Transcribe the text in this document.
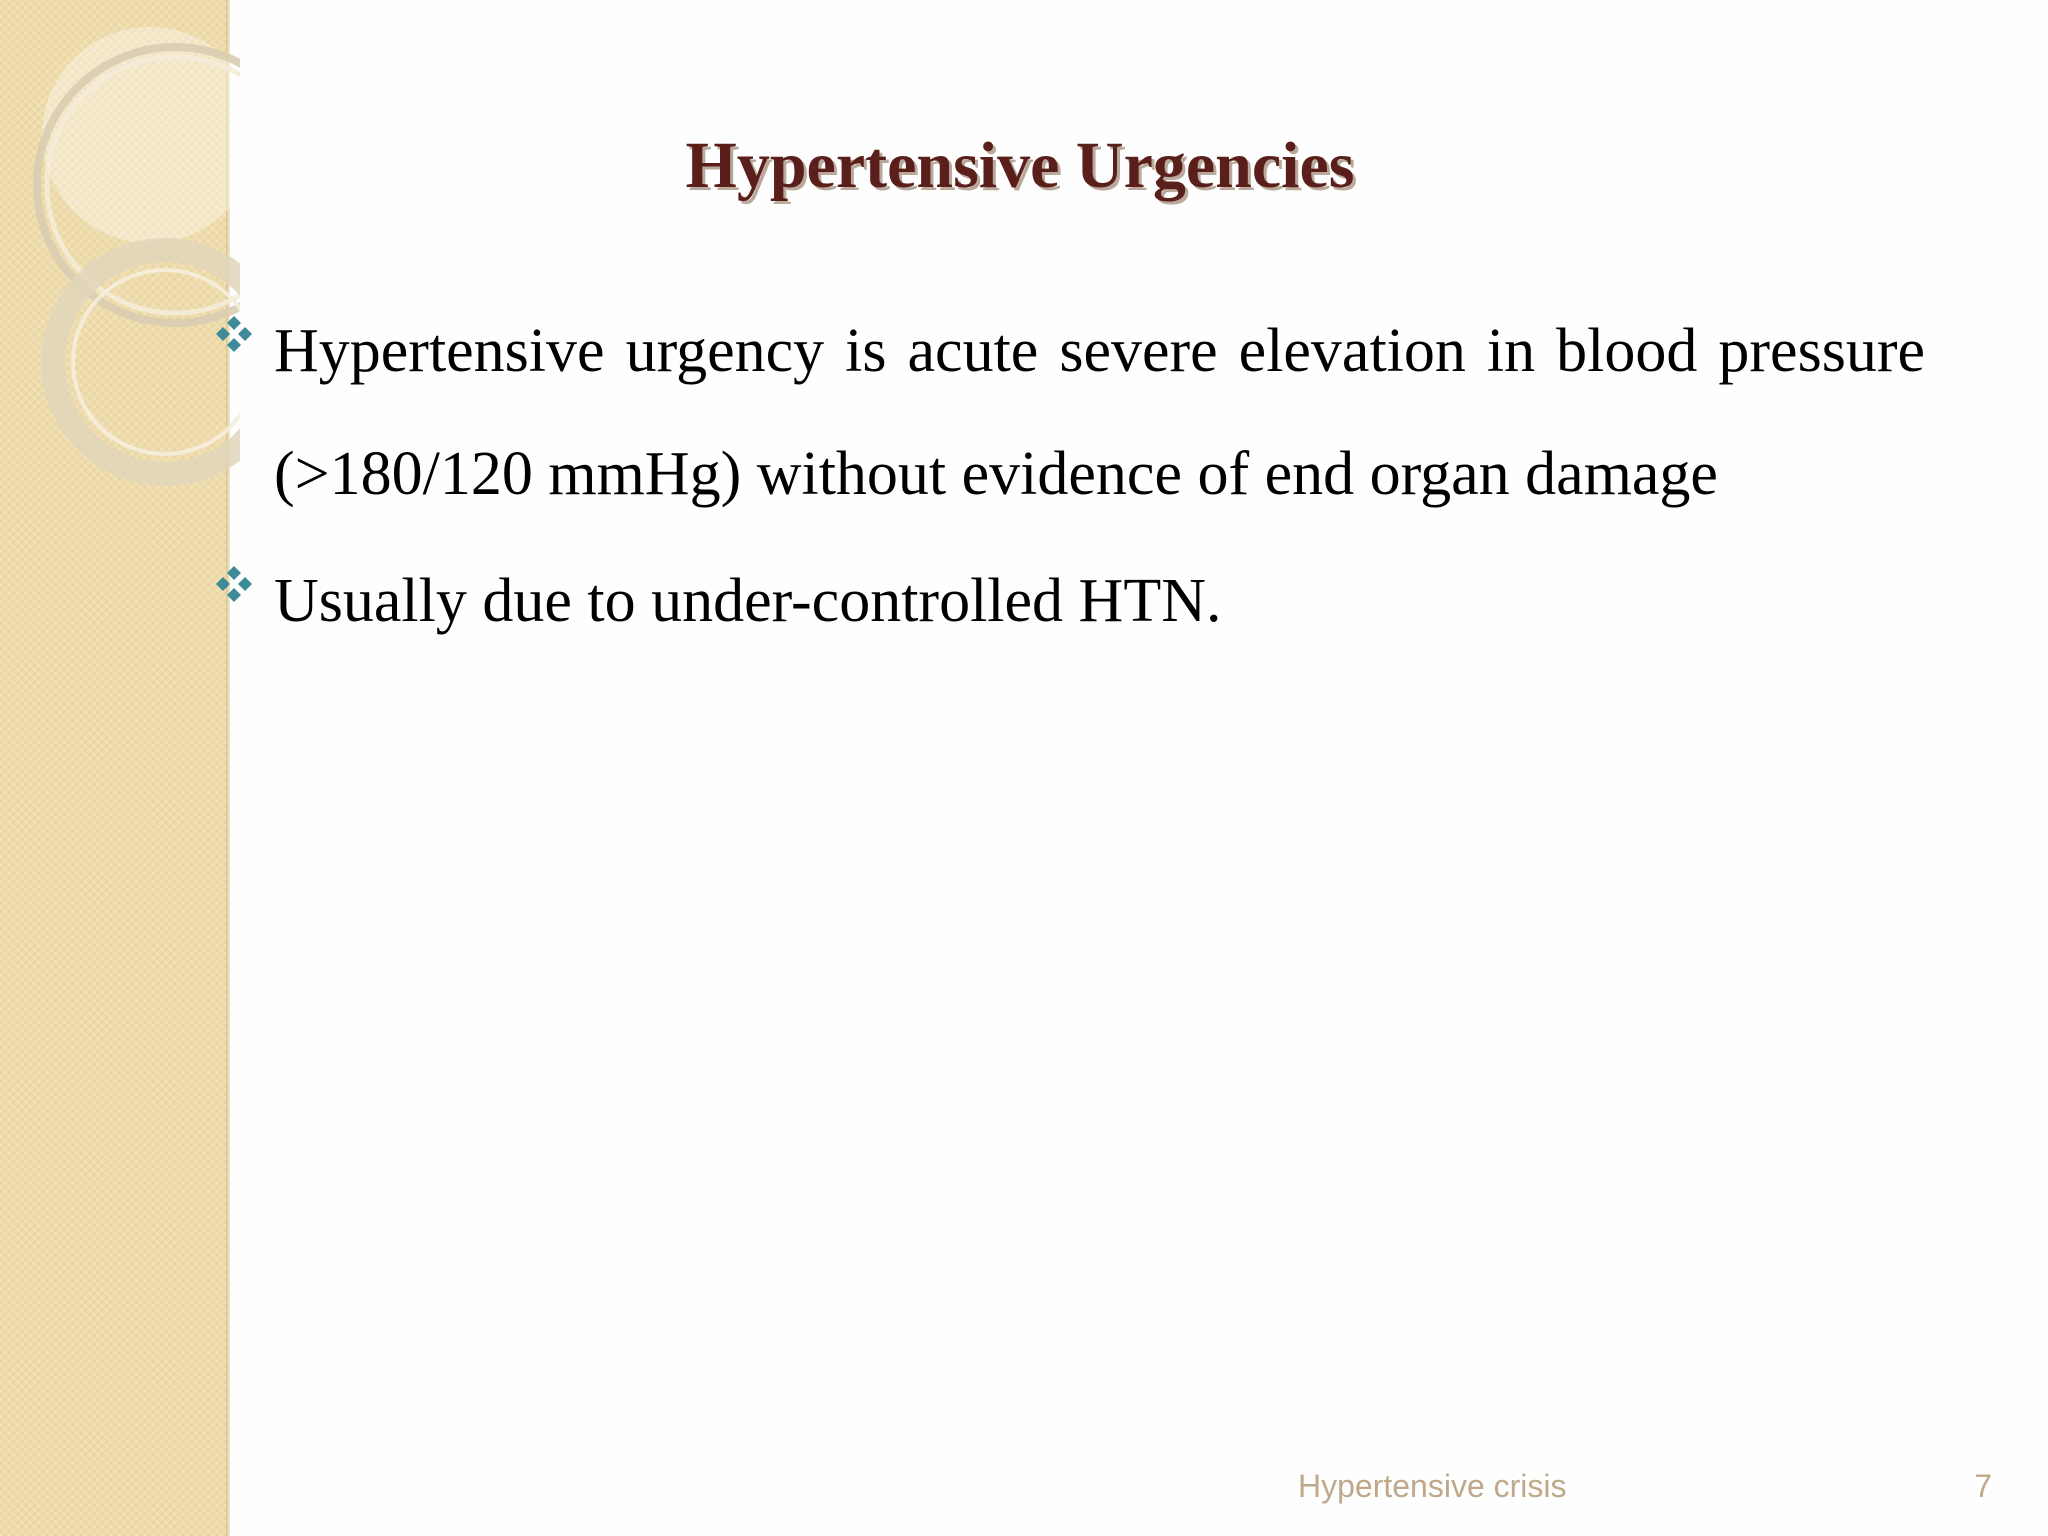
Hypertensive Urgencies
Hypertensive urgency is acute severe elevation in blood pressure (>180/120 mmHg) without evidence of end organ damage
Usually due to under-controlled HTN.
Hypertensive crisis	7
